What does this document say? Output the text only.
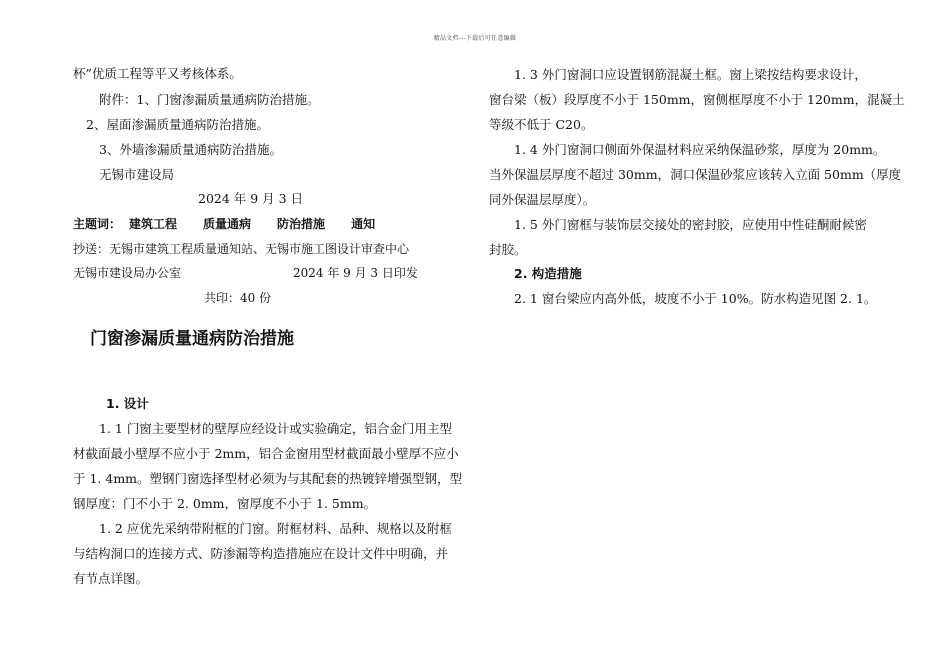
精品文档---下载后可任意编辑
杯”优质工程等平又考核体系。
附件：1、门窗渗漏质量通病防治措施。
2、屋面渗漏质量通病防治措施。
3、外墙渗漏质量通病防治措施。
无锡市建设局
2024 年 9 月 3 日
主题词： 建筑工程 质量通病 防治措施 通知
抄送：无锡市建筑工程质量通知站、无锡市施工图设计审查中心
无锡市建设局办公室	2024 年 9 月 3 日印发
共印：40 份
门窗渗漏质量通病防治措施
1. 设计
1. 1 门窗主要型材的壁厚应经设计或实验确定，铝合金门用主型
材截面最小壁厚不应小于 2mm，铝合金窗用型材截面最小壁厚不应小
于 1. 4mm。塑钢门窗选择型材必须为与其配套的热镀锌增强型钢，型
钢厚度：门不小于 2. 0mm，窗厚度不小于 1. 5mm。
1. 2 应优先采纳带附框的门窗。附框材料、品种、规格以及附框
与结构洞口的连接方式、防渗漏等构造措施应在设计文件中明确，并
有节点详图。
1. 3 外门窗洞口应设置钢筋混凝土框。窗上梁按结构要求设计，
窗台梁（板）段厚度不小于 150mm，窗侧框厚度不小于 120mm，混凝土
等级不低于 C20。
1. 4 外门窗洞口侧面外保温材料应采纳保温砂浆，厚度为 20mm。
当外保温层厚度不超过 30mm，洞口保温砂浆应该转入立面 50mm（厚度
同外保温层厚度）。
1. 5 外门窗框与装饰层交接处的密封胶，应使用中性硅酮耐候密
封胶。
2. 构造措施
2. 1 窗台梁应内高外低，坡度不小于 10%。防水构造见图 2. 1。
